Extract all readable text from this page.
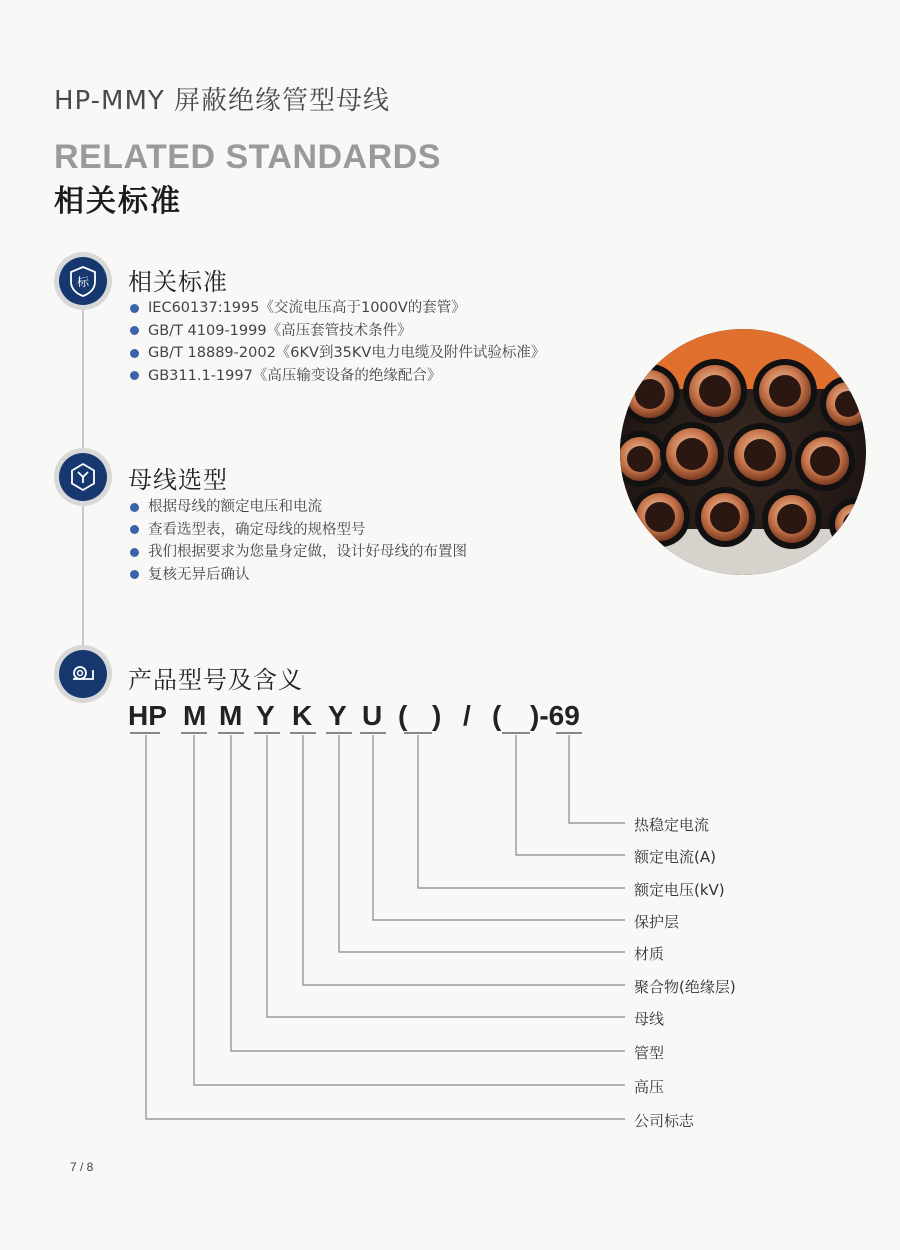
HP-MMY 屏蔽绝缘管型母线
RELATED STANDARDS
相关标准
标 相关标准
IEC60137:1995《交流电压高于1000V的套管》
GB/T 4109-1999《高压套管技术条件》
GB/T 18889-2002《6KV到35KV电力电缆及附件试验标准》
GB311.1-1997《高压输变设备的绝缘配合》
母线选型
根据母线的额定电压和电流
查看选型表，确定母线的规格型号
我们根据要求为您量身定做，设计好母线的布置图
复核无异后确认
产品型号及含义
HP M M Y K Y U ( ) / ( )-69
热稳定电流
额定电流(A)
额定电压(kV)
保护层
材质
聚合物(绝缘层)
母线
管型
高压
公司标志
7 / 8
